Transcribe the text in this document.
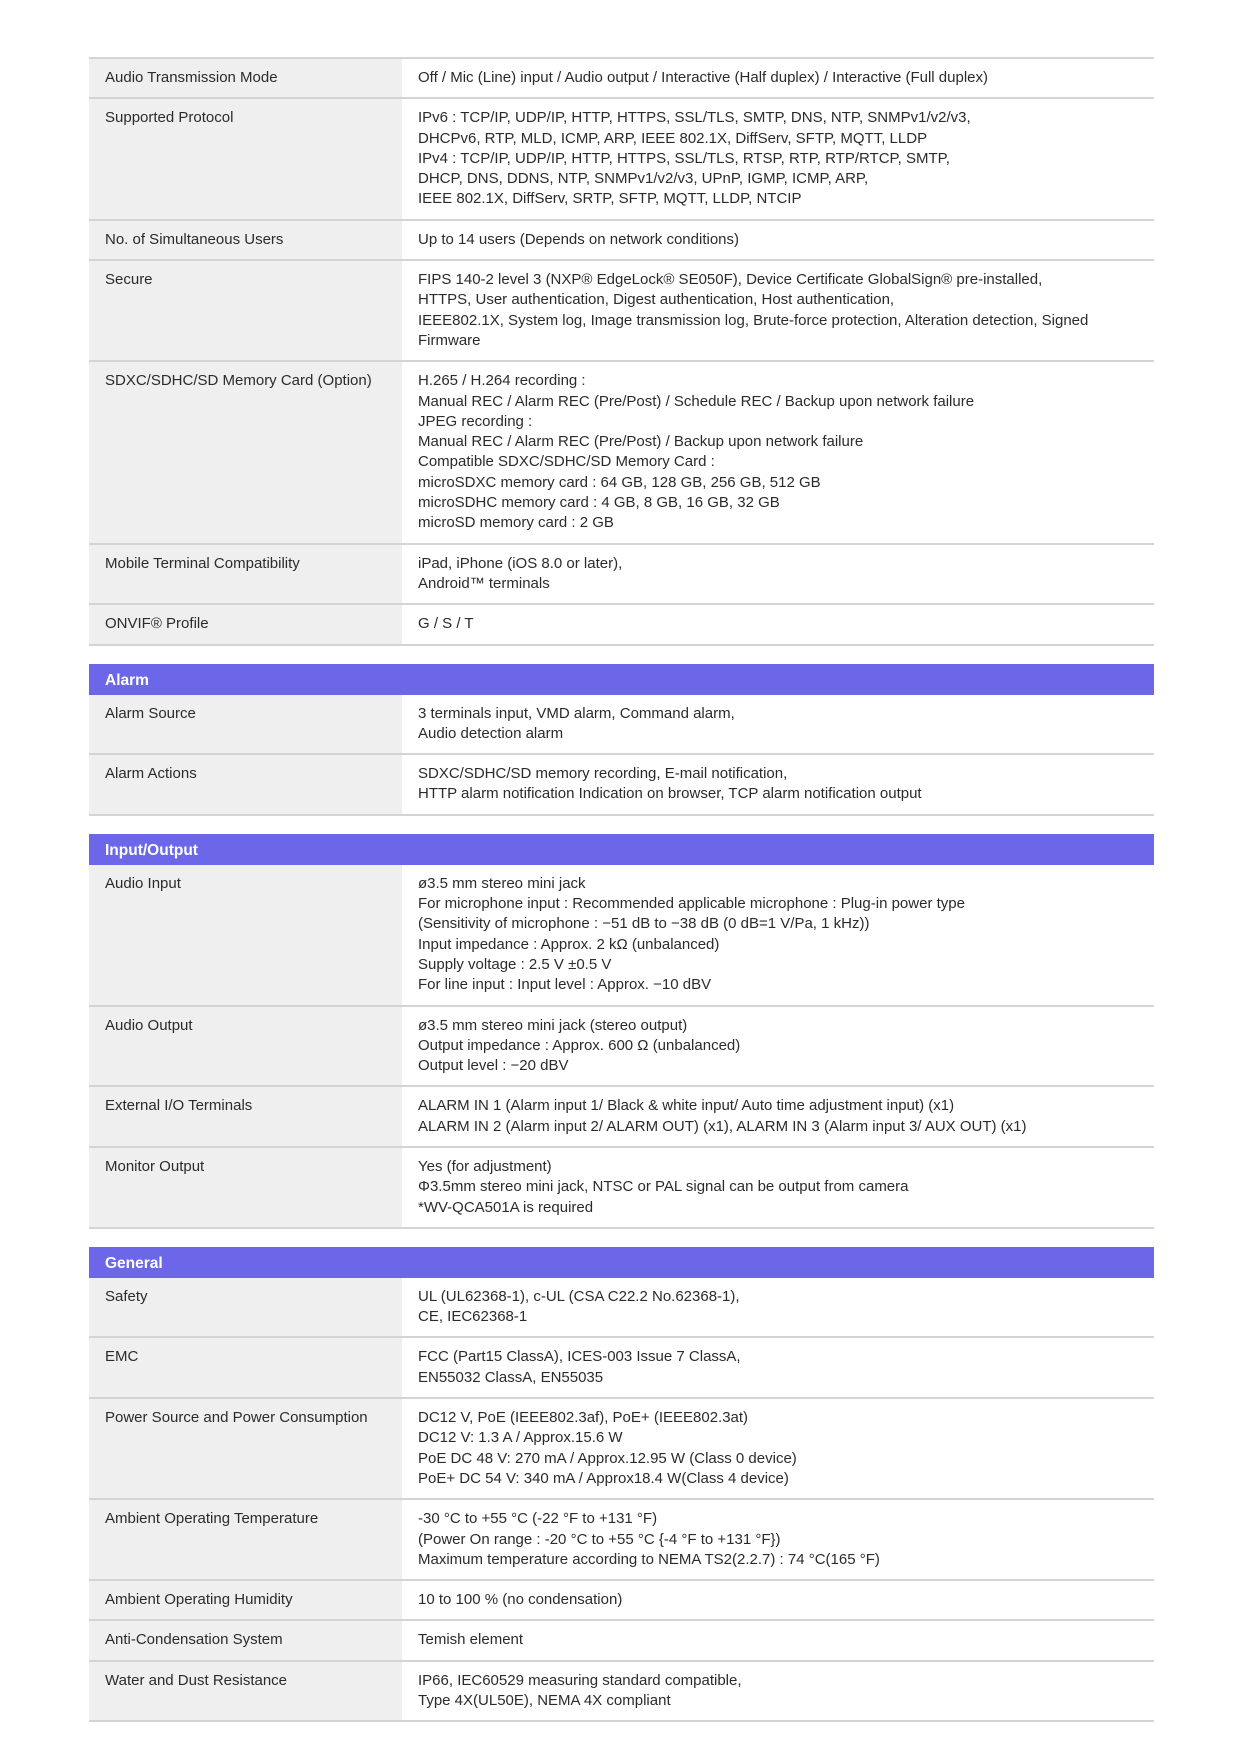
Audio Transmission Mode	Off / Mic (Line) input / Audio output / Interactive (Half duplex) / Interactive (Full duplex)
Supported Protocol	IPv6 : TCP/IP, UDP/IP, HTTP, HTTPS, SSL/TLS, SMTP, DNS, NTP, SNMPv1/v2/v3,
DHCPv6, RTP, MLD, ICMP, ARP, IEEE 802.1X, DiffServ, SFTP, MQTT, LLDP
IPv4 : TCP/IP, UDP/IP, HTTP, HTTPS, SSL/TLS, RTSP, RTP, RTP/RTCP, SMTP,
DHCP, DNS, DDNS, NTP, SNMPv1/v2/v3, UPnP, IGMP, ICMP, ARP,
IEEE 802.1X, DiffServ, SRTP, SFTP, MQTT, LLDP, NTCIP
No. of Simultaneous Users	Up to 14 users (Depends on network conditions)
Secure	FIPS 140-2 level 3 (NXP® EdgeLock® SE050F), Device Certificate GlobalSign® pre-installed,
HTTPS, User authentication, Digest authentication, Host authentication,
IEEE802.1X, System log, Image transmission log, Brute-force protection, Alteration detection, Signed
Firmware
SDXC/SDHC/SD Memory Card (Option)	H.265 / H.264 recording :
Manual REC / Alarm REC (Pre/Post) / Schedule REC / Backup upon network failure
JPEG recording :
Manual REC / Alarm REC (Pre/Post) / Backup upon network failure
Compatible SDXC/SDHC/SD Memory Card :
microSDXC memory card : 64 GB, 128 GB, 256 GB, 512 GB
microSDHC memory card : 4 GB, 8 GB, 16 GB, 32 GB
microSD memory card : 2 GB
Mobile Terminal Compatibility	iPad, iPhone (iOS 8.0 or later),
Android™ terminals
ONVIF® Profile	G / S / T
Alarm
Alarm Source	3 terminals input, VMD alarm, Command alarm,
Audio detection alarm
Alarm Actions	SDXC/SDHC/SD memory recording, E-mail notification,
HTTP alarm notification Indication on browser, TCP alarm notification output
Input/Output
Audio Input	ø3.5 mm stereo mini jack
For microphone input : Recommended applicable microphone : Plug-in power type
(Sensitivity of microphone : −51 dB to −38 dB (0 dB=1 V/Pa, 1 kHz))
Input impedance : Approx. 2 kΩ (unbalanced)
Supply voltage : 2.5 V ±0.5 V
For line input : Input level : Approx. −10 dBV
Audio Output	ø3.5 mm stereo mini jack (stereo output)
Output impedance : Approx. 600 Ω (unbalanced)
Output level : −20 dBV
External I/O Terminals	ALARM IN 1 (Alarm input 1/ Black & white input/ Auto time adjustment input) (x1)
ALARM IN 2 (Alarm input 2/ ALARM OUT) (x1), ALARM IN 3 (Alarm input 3/ AUX OUT) (x1)
Monitor Output	Yes (for adjustment)
Φ3.5mm stereo mini jack, NTSC or PAL signal can be output from camera
*WV-QCA501A is required
General
Safety	UL (UL62368-1), c-UL (CSA C22.2 No.62368-1),
CE, IEC62368-1
EMC	FCC (Part15 ClassA), ICES-003 Issue 7 ClassA,
EN55032 ClassA, EN55035
Power Source and Power Consumption	DC12 V, PoE (IEEE802.3af), PoE+ (IEEE802.3at)
DC12 V: 1.3 A / Approx.15.6 W
PoE DC 48 V: 270 mA / Approx.12.95 W (Class 0 device)
PoE+ DC 54 V: 340 mA / Approx18.4 W(Class 4 device)
Ambient Operating Temperature	-30 °C to +55 °C (-22 °F to +131 °F)
(Power On range : -20 °C to +55 °C {-4 °F to +131 °F})
Maximum temperature according to NEMA TS2(2.2.7) : 74 °C(165 °F)
Ambient Operating Humidity	10 to 100 % (no condensation)
Anti-Condensation System	Temish element
Water and Dust Resistance	IP66, IEC60529 measuring standard compatible,
Type 4X(UL50E), NEMA 4X compliant
